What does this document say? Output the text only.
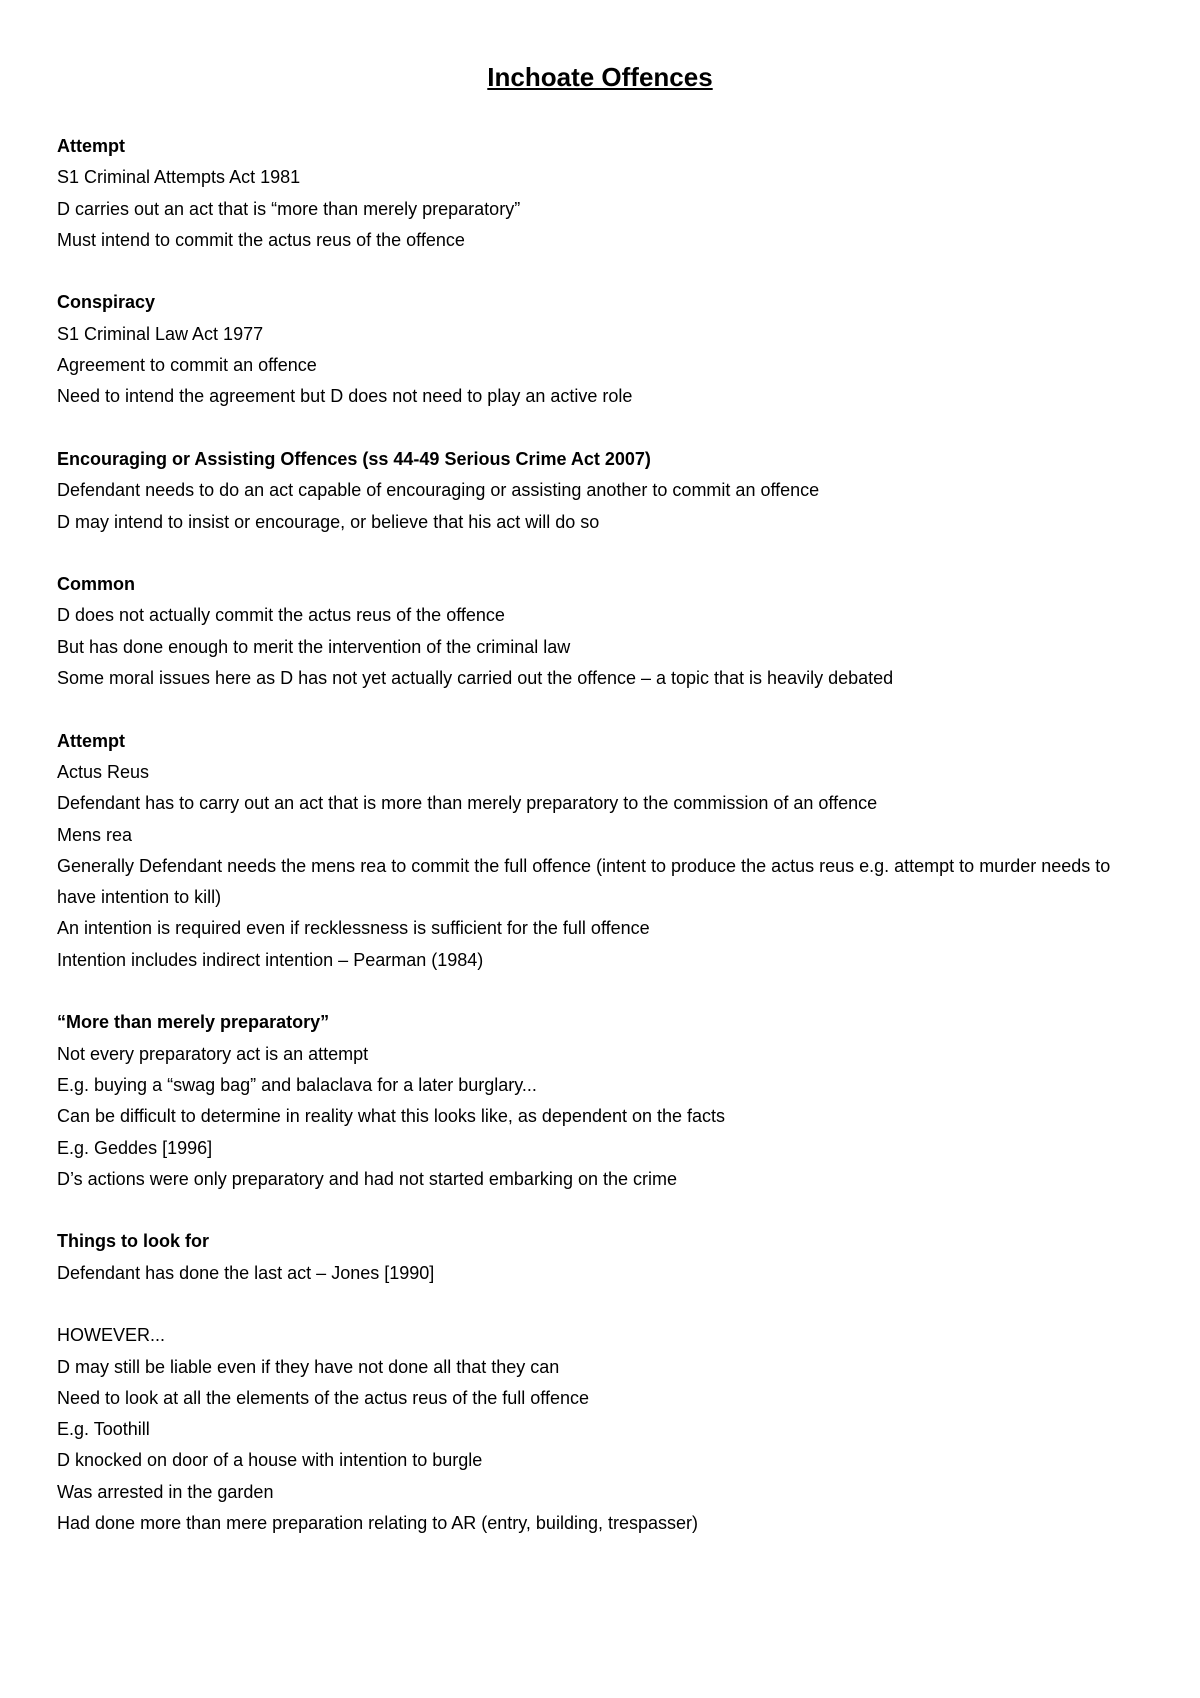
Inchoate Offences
Attempt
S1 Criminal Attempts Act 1981
D carries out an act that is “more than merely preparatory”
Must intend to commit the actus reus of the offence
Conspiracy
S1 Criminal Law Act 1977
Agreement to commit an offence
Need to intend the agreement but D does not need to play an active role
Encouraging or Assisting Offences (ss 44-49 Serious Crime Act 2007)
Defendant needs to do an act capable of encouraging or assisting another to commit an offence
D may intend to insist or encourage, or believe that his act will do so
Common
D does not actually commit the actus reus of the offence
But has done enough to merit the intervention of the criminal law
Some moral issues here as D has not yet actually carried out the offence – a topic that is heavily debated
Attempt
Actus Reus
Defendant has to carry out an act that is more than merely preparatory to the commission of an offence
Mens rea
Generally Defendant needs the mens rea to commit the full offence (intent to produce the actus reus e.g. attempt to murder needs to have intention to kill)
An intention is required even if recklessness is sufficient for the full offence
Intention includes indirect intention – Pearman (1984)
“More than merely preparatory”
Not every preparatory act is an attempt
E.g. buying a “swag bag” and balaclava for a later burglary...
Can be difficult to determine in reality what this looks like, as dependent on the facts
E.g. Geddes [1996]
D’s actions were only preparatory and had not started embarking on the crime
Things to look for
Defendant has done the last act – Jones [1990]
HOWEVER...
D may still be liable even if they have not done all that they can
Need to look at all the elements of the actus reus of the full offence
E.g. Toothill
D knocked on door of a house with intention to burgle
Was arrested in the garden
Had done more than mere preparation relating to AR (entry, building, trespasser)
